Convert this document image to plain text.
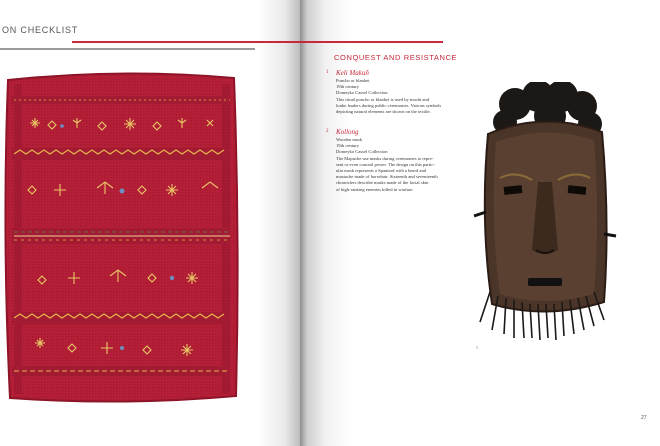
ON CHECKLIST
CONQUEST AND RESISTANCE
1 Keli Makuñ
Poncho or blanket
19th century
Domeyko Cassel Collection
This ritual poncho or blanket is used by machi and
lonko leaders during public ceremonies. Various symbols
depicting natural elements are shown on the textile.
2 Kollong
Wooden mask
19th century
Domeyko Cassel Collection
The Mapuche use masks during ceremonies to repre-
sent or even conceal power. The design on this partic-
ular mask represents a Spaniard with a beard and
mustache made of horsehair. Sixteenth and seventeenth
chroniclers describe masks made of the facial skin
of high-ranking enemies killed in warfare.
1
27
